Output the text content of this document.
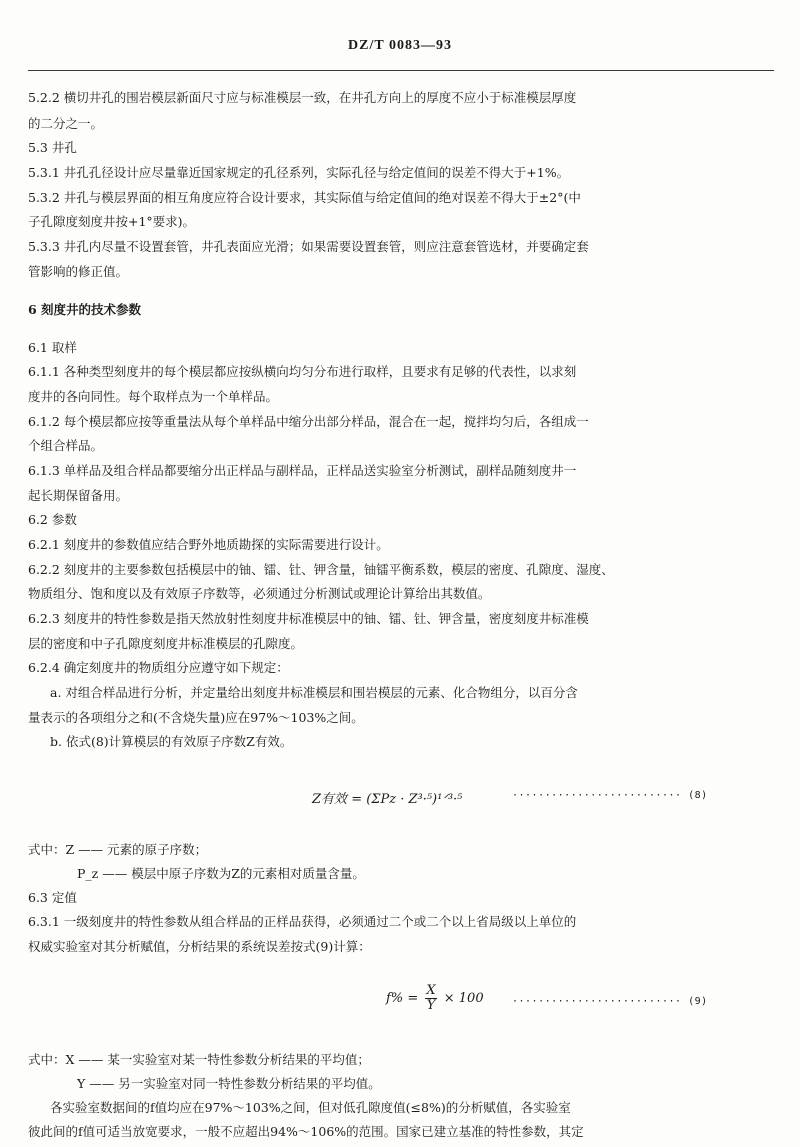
DZ/T 0083—93
5.2.2 横切井孔的围岩模层新面尺寸应与标准模层一致，在井孔方向上的厚度不应小于标准模层厚度
的二分之一。
5.3 井孔
5.3.1 井孔孔径设计应尽量靠近国家规定的孔径系列，实际孔径与给定值间的误差不得大于+1%。
5.3.2 井孔与模层界面的相互角度应符合设计要求，其实际值与给定值间的绝对误差不得大于±2°(中
子孔隙度刻度井按+1°要求)。
5.3.3 井孔内尽量不设置套管，井孔表面应光滑；如果需要设置套管，则应注意套管选材，并要确定套
管影响的修正值。
6 刻度井的技术参数
6.1 取样
6.1.1 各种类型刻度井的每个模层都应按纵横向均匀分布进行取样，且要求有足够的代表性，以求刻
度井的各向同性。每个取样点为一个单样品。
6.1.2 每个模层都应按等重量法从每个单样品中缩分出部分样品，混合在一起，搅拌均匀后，各组成一
个组合样品。
6.1.3 单样品及组合样品都要缩分出正样品与副样品，正样品送实验室分析测试，副样品随刻度井一
起长期保留备用。
6.2 参数
6.2.1 刻度井的参数值应结合野外地质勘探的实际需要进行设计。
6.2.2 刻度井的主要参数包括模层中的铀、镭、钍、钾含量，铀镭平衡系数，模层的密度、孔隙度、湿度、
物质组分、饱和度以及有效原子序数等，必须通过分析测试或理论计算给出其数值。
6.2.3 刻度井的特性参数是指天然放射性刻度井标准模层中的铀、镭、钍、钾含量，密度刻度井标准模
层的密度和中子孔隙度刻度井标准模层的孔隙度。
6.2.4 确定刻度井的物质组分应遵守如下规定：
a. 对组合样品进行分析，并定量给出刻度井标准模层和围岩模层的元素、化合物组分，以百分含
量表示的各项组分之和(不含烧失量)应在97%～103%之间。
b. 依式(8)计算模层的有效原子序数Z有效。
Z有效 = (ΣPz · Z³·⁵)¹ᐟ³·⁵	·························· (8)
式中：Z —— 元素的原子序数；
P_z —— 模层中原子序数为Z的元素相对质量含量。
6.3 定值
6.3.1 一级刻度井的特性参数从组合样品的正样品获得，必须通过二个或二个以上省局级以上单位的
权威实验室对其分析赋值，分析结果的系统误差按式(9)计算：
$f\% = \frac{X}{Y} \times 100$	·························· (9)
式中：X —— 某一实验室对某一特性参数分析结果的平均值；
Y —— 另一实验室对同一特性参数分析结果的平均值。
各实验室数据间的f值均应在97%～103%之间，但对低孔隙度值(≤8%)的分析赋值，各实验室
彼此间的f值可适当放宽要求，一般不应超出94%～106%的范围。国家已建立基准的特性参数，其定
